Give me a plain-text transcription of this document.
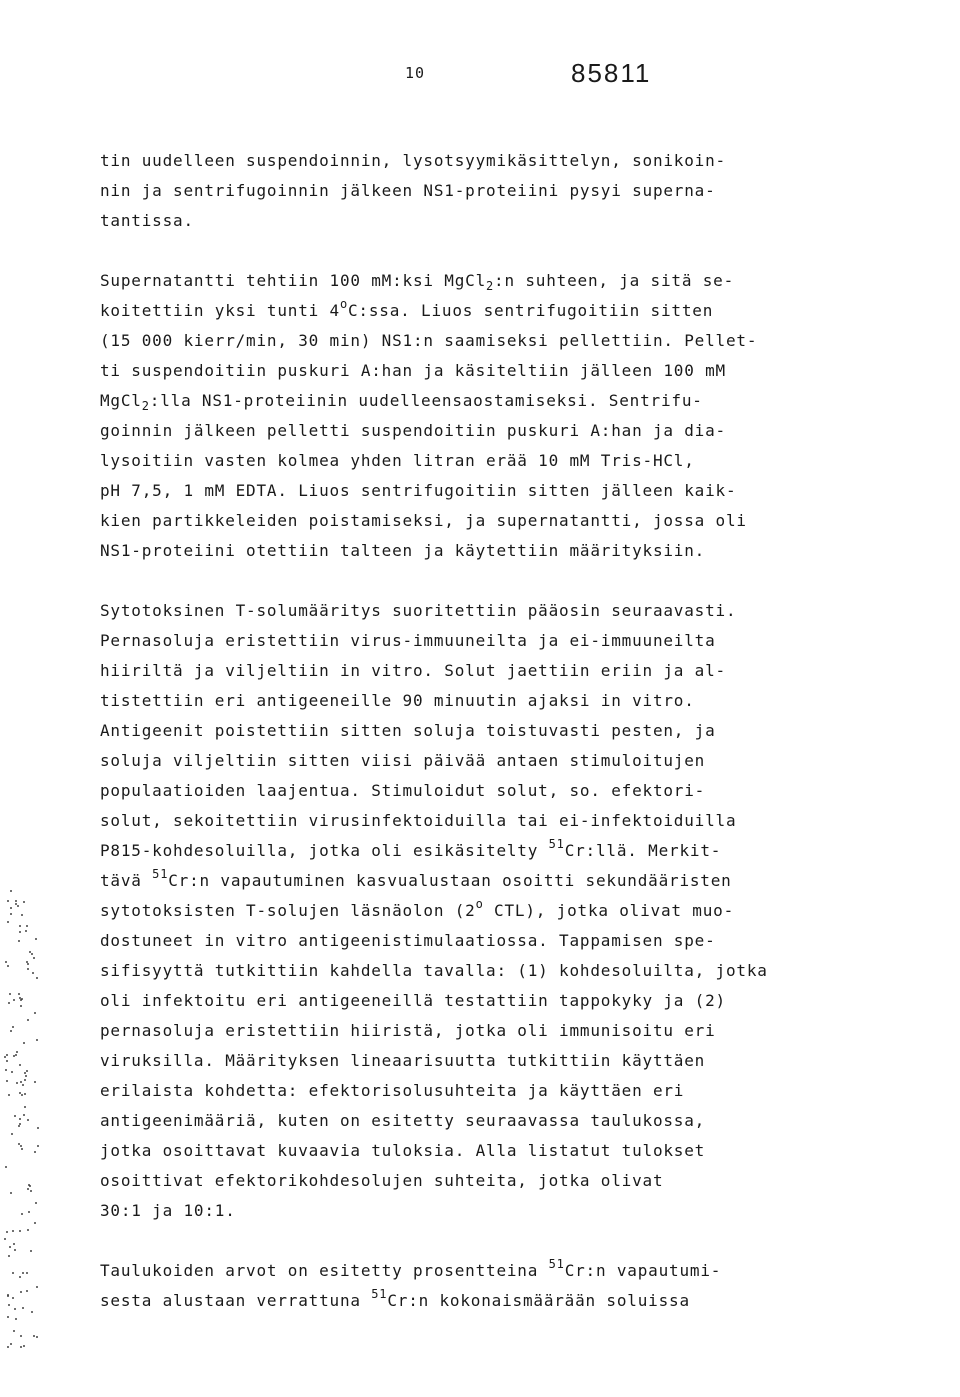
10	85811
tin uudelleen suspendoinnin, lysotsyymikäsittelyn, sonikoin-
nin ja sentrifugoinnin jälkeen NS1-proteiini pysyi superna-
tantissa.
Supernatantti tehtiin 100 mM:ksi MgCl$_2$:n suhteen, ja sitä se-
koitettiin yksi tunti 4$^o$C:ssa. Liuos sentrifugoitiin sitten
(15 000 kierr/min, 30 min) NS1:n saamiseksi pellettiin. Pellet-
ti suspendoitiin puskuri A:han ja käsiteltiin jälleen 100 mM
MgCl$_2$:lla NS1-proteiinin uudelleensaostamiseksi. Sentrifu-
goinnin jälkeen pelletti suspendoitiin puskuri A:han ja dia-
lysoitiin vasten kolmea yhden litran erää 10 mM Tris-HCl,
pH 7,5, 1 mM EDTA. Liuos sentrifugoitiin sitten jälleen kaik-
kien partikkeleiden poistamiseksi, ja supernatantti, jossa oli
NS1-proteiini otettiin talteen ja käytettiin määrityksiin.
Sytotoksinen T-solumääritys suoritettiin pääosin seuraavasti.
Pernasoluja eristettiin virus-immuuneilta ja ei-immuuneilta
hiiriltä ja viljeltiin in vitro. Solut jaettiin eriin ja al-
tistettiin eri antigeeneille 90 minuutin ajaksi in vitro.
Antigeenit poistettiin sitten soluja toistuvasti pesten, ja
soluja viljeltiin sitten viisi päivää antaen stimuloitujen
populaatioiden laajentua. Stimuloidut solut, so. efektori-
solut, sekoitettiin virusinfektoiduilla tai ei-infektoiduilla
P815-kohdesoluilla, jotka oli esikäsitelty $^{51}$Cr:llä. Merkit-
tävä $^{51}$Cr:n vapautuminen kasvualustaan osoitti sekundääristen
sytotoksisten T-solujen läsnäolon (2$^o$ CTL), jotka olivat muo-
dostuneet in vitro antigeenistimulaatiossa. Tappamisen spe-
sifisyyttä tutkittiin kahdella tavalla: (1) kohdesoluilta, jotka
oli infektoitu eri antigeeneillä testattiin tappokyky ja (2)
pernasoluja eristettiin hiiristä, jotka oli immunisoitu eri
viruksilla. Määrityksen lineaarisuutta tutkittiin käyttäen
erilaista kohdetta: efektorisolusuhteita ja käyttäen eri
antigeenimääriä, kuten on esitetty seuraavassa taulukossa,
jotka osoittavat kuvaavia tuloksia. Alla listatut tulokset
osoittivat efektorikohdesolujen suhteita, jotka olivat
30:1 ja 10:1.
Taulukoiden arvot on esitetty prosentteina $^{51}$Cr:n vapautumi-
sesta alustaan verrattuna $^{51}$Cr:n kokonaismäärään soluissa
